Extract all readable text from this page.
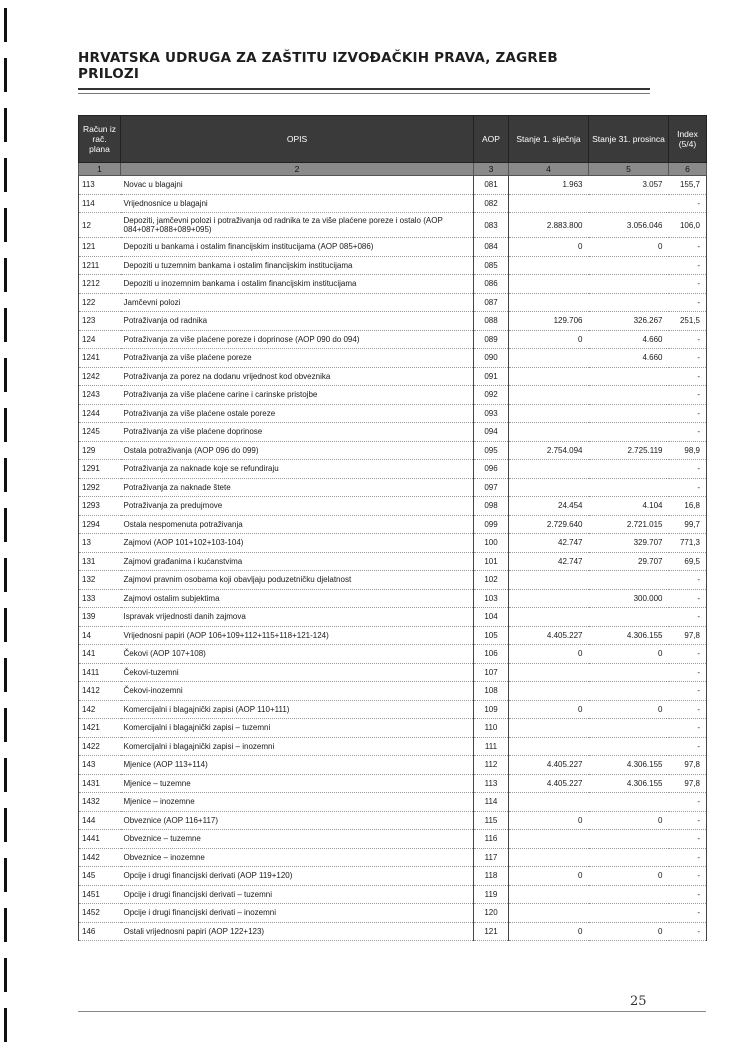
HRVATSKA UDRUGA ZA ZAŠTITU IZVOĐAČKIH PRAVA, ZAGREB
PRILOZI
Račun iz rač. plana	OPIS	AOP	Stanje 1. siječnja	Stanje 31. prosinca	Index (5/4)
1	2	3	4	5	6
113	Novac u blagajni	081	1.963	3.057	155,7
114	Vrijednosnice u blagajni	082			-
12	Depoziti, jamčevni polozi i potraživanja od radnika te za više plaćene poreze i ostalo (AOP 084+087+088+089+095)	083	2.883.800	3.056.046	106,0
121	Depoziti u bankama i ostalim financijskim institucijama (AOP 085+086)	084	0	0	-
1211	Depoziti u tuzemnim bankama i ostalim financijskim institucijama	085			-
1212	Depoziti u inozemnim bankama i ostalim financijskim institucijama	086			-
122	Jamčevni polozi	087			-
123	Potraživanja od radnika	088	129.706	326.267	251,5
124	Potraživanja za više plaćene poreze i doprinose (AOP 090 do 094)	089	0	4.660	-
1241	Potraživanja za više plaćene poreze	090		4.660	-
1242	Potraživanja za porez na dodanu vrijednost kod obveznika	091			-
1243	Potraživanja za više plaćene carine i carinske pristojbe	092			-
1244	Potraživanja za više plaćene ostale poreze	093			-
1245	Potraživanja za više plaćene doprinose	094			-
129	Ostala potraživanja (AOP 096 do 099)	095	2.754.094	2.725.119	98,9
1291	Potraživanja za naknade koje se refundiraju	096			-
1292	Potraživanja za naknade štete	097			-
1293	Potraživanja za predujmove	098	24.454	4.104	16,8
1294	Ostala nespomenuta potraživanja	099	2.729.640	2.721.015	99,7
13	Zajmovi (AOP 101+102+103-104)	100	42.747	329.707	771,3
131	Zajmovi građanima i kućanstvima	101	42.747	29.707	69,5
132	Zajmovi pravnim osobama koji obavljaju poduzetničku djelatnost	102			-
133	Zajmovi ostalim subjektima	103		300.000	-
139	Ispravak vrijednosti danih zajmova	104			-
14	Vrijednosni papiri (AOP 106+109+112+115+118+121-124)	105	4.405.227	4.306.155	97,8
141	Čekovi (AOP 107+108)	106	0	0	-
1411	Čekovi-tuzemni	107			-
1412	Čekovi-inozemni	108			-
142	Komercijalni i blagajnički zapisi (AOP 110+111)	109	0	0	-
1421	Komercijalni i blagajnički zapisi – tuzemni	110			-
1422	Komercijalni i blagajnički zapisi – inozemni	111			-
143	Mjenice (AOP 113+114)	112	4.405.227	4.306.155	97,8
1431	Mjenice – tuzemne	113	4.405.227	4.306.155	97,8
1432	Mjenice – inozemne	114			-
144	Obveznice (AOP 116+117)	115	0	0	-
1441	Obveznice – tuzemne	116			-
1442	Obveznice – inozemne	117			-
145	Opcije i drugi financijski derivati (AOP 119+120)	118	0	0	-
1451	Opcije i drugi financijski derivati – tuzemni	119			-
1452	Opcije i drugi financijski derivati – inozemni	120			-
146	Ostali vrijednosni papiri (AOP 122+123)	121	0	0	-
25
